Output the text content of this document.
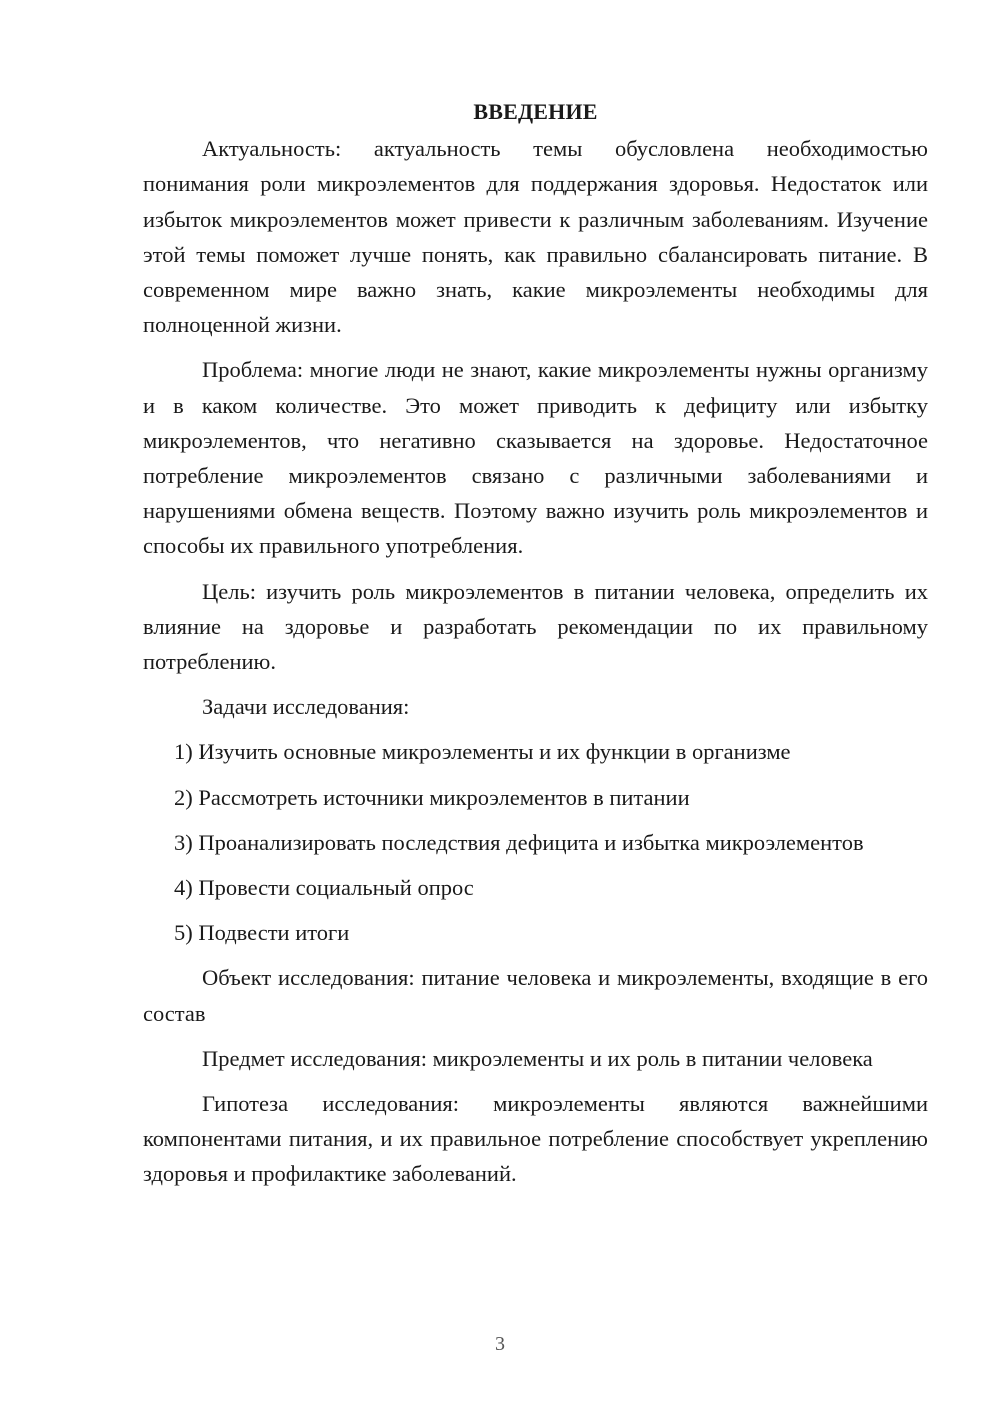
ВВЕДЕНИЕ

Актуальность: актуальность темы обусловлена необходимостью понимания роли микроэлементов для поддержания здоровья. Недостаток или избыток микроэлементов может привести к различным заболеваниям. Изучение этой темы поможет лучше понять, как правильно сбалансировать питание. В современном мире важно знать, какие микроэлементы необходимы для полноценной жизни.

Проблема: многие люди не знают, какие микроэлементы нужны организму и в каком количестве. Это может приводить к дефициту или избытку микроэлементов, что негативно сказывается на здоровье. Недостаточное потребление микроэлементов связано с различными заболеваниями и нарушениями обмена веществ. Поэтому важно изучить роль микроэлементов и способы их правильного употребления.

Цель: изучить роль микроэлементов в питании человека, определить их влияние на здоровье и разработать рекомендации по их правильному потреблению.

Задачи исследования:

1) Изучить основные микроэлементы и их функции в организме

2) Рассмотреть источники микроэлементов в питании

3) Проанализировать последствия дефицита и избытка микроэлементов

4) Провести социальный опрос

5) Подвести итоги

Объект исследования: питание человека и микроэлементы, входящие в его состав

Предмет исследования: микроэлементы и их роль в питании человека

Гипотеза исследования: микроэлементы являются важнейшими компонентами питания, и их правильное потребление способствует укреплению здоровья и профилактике заболеваний.

3
